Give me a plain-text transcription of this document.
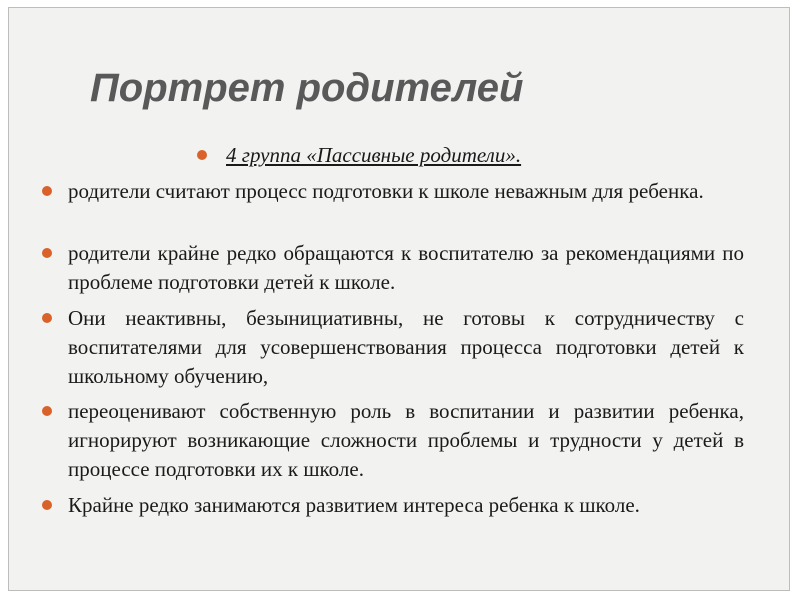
Портрет родителей
4 группа «Пассивные родители».

родители считают процесс подготовки к школе неважным для ребенка.

родители крайне редко обращаются к воспитателю за рекомендациями по проблеме подготовки детей к школе.

Они неактивны, безынициативны, не готовы к сотрудничеству с воспитателями для усовершенствования процесса подготовки детей к школьному обучению,

переоценивают собственную роль в воспитании и развитии ребенка, игнорируют возникающие сложности проблемы и трудности у детей в процессе подготовки их к школе.

Крайне редко занимаются развитием интереса ребенка к школе.
